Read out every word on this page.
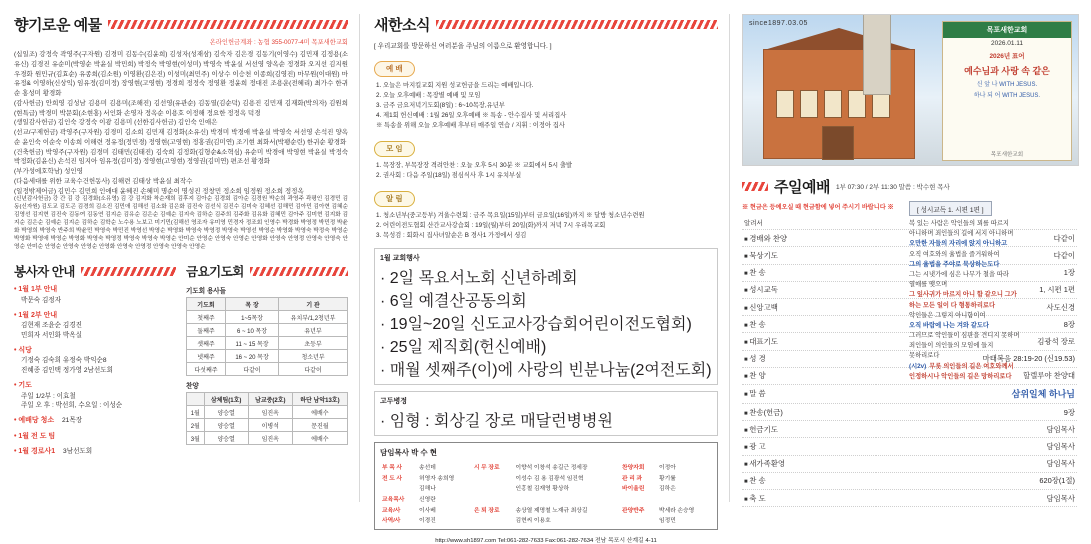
향기로운 예물
온라인헌금계좌 : 농협 355-0077-4미 목포새한교회
(십일조) 강정숙 곽영주(구자원) 김경미 김동수(김윤희) 김성자(성재삼) 김숙자 김은경 김동기(이영수) 김민재 김정용(소유신) 김경진 유순미(박영순 박윤실 박민희) 박정숙 박영현(이성미) 박영숙 박윤실 서선영 양옥순 정경화 오지선 김지원 우경화 원민규(김효순) 유종희(김소원) 이영환(김은진) 이성미(최민주) 이상수 이승천 이종희(김영진) 마무원(이대원) 마유정& 이영하(신상익) 임유정(김미정) 장영현(고영현) 정경희 정정숙 정영환 정윤희 정대진 조용운(전혜리) 최가수 한귀순 홍성미 황경화
(감사헌금) 안희영 김성남 김용미 김용미(조해진) 김선영(유관순) 김동열(김순덕) 김용진 김민재 김재화(박의자) 김원희 (현특급) 박경미 박문회(소현홍) 서인화 손영자 정옥순 이용호 이정해 정요한 정정옥 덕경
(생일감사헌금) 김인숙 강정숙 이광 김용미 (선한김사헌금) 김인숙 인애은
(선교/구제헌금) 곽영주(구자원) 김경미 김소희 김민재 김정화(소유신) 박경미 박경애 박윤실 박영숙 서선영 손석진 양옥순 윤인숙 이순숙 이송희 이해련 정유정(정민경) 정영현(고영현) 정홍권(김미연) 조기현 최화서(박팽순린) 한귀순 황경화
(건축헌금) 박영주(구자원) 김경미 김태민(김태진) 김숙희 김정화(김형순&소혁심) 유순미 박경애 박영현 박윤실 박정숙 박정화(김윤신) 손석진 임지아 임유정(김미정) 정영현(고영현) 정영권(김미연) 편조선 황경화
(부가성에호학남) 성인영
(다음세대를 위한 교육수건헌동사) 김해련 김태상 박윤실 최작수
(일정밖제어금) 김민수 김민희 인애대 윤혜진 손혜미 명순이 명성진 정창민 정소희 임정원 정소희 정정옥
(신년감사헌금) 강 간 김 강 김경화(소유영) 김 강 김지화 착순재희 김후지 김아순 김경회 김아순 김경원 박순희 곽영주 곽평인 김경민 김동(신자원) 김도교 김도곤 김경희 김소진 김민애 김해선 김소화 김은화 김진숙 김선식 김진수 김미숙 김혜선 김해민 김아민 김아현 김혜순 김영선 김지현 김진숙 김동여 김동연 김지순 김유순 김은순 김예순 김지숙 김하순 김주희 김주화 김유화 김혜민 김아주 김미현 김지화 김지순 김은순 김예순 김지순 김하순 김학순 노수용 노보고 미기민(김해선 영조자 유미영 민경자 정조회 인영수 박경화 박영정 박민정 박윤화 박영희 박영숙 반주희 박윤민 박영숙 박민진 박영선 박영순 박영화 박영숙 박영정 박영숙 박영선 박영순 박영화 박영숙 박정숙 박영순 박영화 박영애 박영순 박영화 박영숙 박영정 박영숙 박영숙 박영순 안미순 안영순 안영숙 안영순 안영화 안영숙 안영정 안영숙 안영숙 안영순 안미순 안영순 안영숙 안영순 안영화 안영숙 안영정 안영숙 안영숙 안영순
봉사자 안내
• 1월 1부 안내
박문숙 김정자
• 1월 2부 안내
김현재 조윤순 김경진
민희자 서인화 박옥실
• 식당
기정숙 김숙희 유정숙 박익순8
진혜종 김인택 정가영 2남선도회
• 기도
주일 1/2부 : 이효철
주일 오 후 : 박선희, 수요일 : 이성순
• 예배당 청소 21목장
• 1월 전 도 팀
• 1월 경로사1 3남선도회
금요기도회
기도회 용사들
기도회	목 장	기 관
첫째주	1~5목장	유치부/1,2청년부
둘째주	6 ~ 10 목장	유년부
셋째주	11 ~ 15 목장	초등부
넷째주	16 ~ 20 목장	청소년부
다섯째주	다같이	다같이
찬양
	삼체팀(1호)	남교중(2호)	하단 남악13호)
1월	양승열	임진옥	에배수
2월	양승열	이병석	문진월
3월	양승열	임진옥	에배수
새한소식
[ 우리교회를 방문하신 여러분을 주님의 이름으로 환영합니다. ]
예 배
1. 오늘은 마지킬교회 지원 성교헌금을 드리는 예배입니다.
2. 오늘 오후예배 : 목장별 예배 및 모임
3. 금주 금요저녁기도회(8일) : 6~10목장,유년부
4. 제1회 헌신예배 : 1월 26일 오후예배 ※ 특송 - 안수집사 및 서리집사
※ 특송을 위해 오늘 오후예배 후부터 매주일 연습 / 지휘 : 이정아 집사
모 임
1. 목장장, 부목장장 격려안찬 : 오늘 오후 5시 30분 ※ 교회에서 5시 출발
2. 권사회 : 다음 주일(18일) 점심식사 후 1시 유치부실
알 림
1. 청소년부(중고등부) 겨울수련회 : 금주 목요일(15일)부터 금요일(16일)까지 ※ 달방 청소년수련원
2. 어린이전도협회 산간교사강습회 : 19일(월)부터 20일(화)까지 저녁 7시 우리목교회
3. 목성검 : 회화시 집사녀알순은 B 경사1 가정에서 셩김
1월 교회행사
· 2일 목요서노회 신년하례회
· 6일 예결산공동의회
· 19일~20일 신도교사강습회어린이전도협회)
· 25일 제직회(헌신예배)
· 매월 셋째주(이)에 사랑의 빈분나눔(2여전도회)
고두병정
· 임형 : 회상길 장로 매달런병병원
담임목사 박 수 현
부 목 사	송선데	시 무 장로	이향석 이창석 송길근 정세장	찬양자회	이정아
전 도 사	허영자 송희영		이성수 김 용 김광석 임진혁	관 리 과	황기률
	김해나		인홍철 김재영 황상하	바이올린	김하은
교육목사	신영란				
교육/사	이사베	은 퇴 장로	송상열 제명철 노재규 최상길	관양반주	박세라 손승영
사역/사	이경진		김현씨 이용호		임정민
http://www.sh1897.com Tel:061-282-7633 Fax:061-282-7634 전남 목포시 산계길 4-11
since1897.03.05
목포새한교회
2026.01.11
2026년 표어
예수님과 사랑 속 같은
신 앞 나 WITH JESUS.
하나 되 어 WITH JESUS.
목포새한교회
주일예배 1부 07:30 / 2부 11:30 말씀 : 박수현 목사
※ 현금은 등예오실 때 현금함에 넣어 주시기 바랍니다 ※
알려서	
■ 경배와 찬양	다같이
■ 묵상기도	다같이
■ 찬 송	1장
■ 성시교독	1, 시편 1편
■ 신앙고백	사도신경
■ 찬 송	8장
■ 대표기도	김광석 장로
■ 성 경	마태복음 28:19-20 (신19.53)
■ 찬 양	할렐루야 찬양대
■ 말 씀	삼위일체 하나님
■ 찬송(헌금)	9장
■ 헌금기도	담임목사
■ 광 고	담임목사
■ 새가족환영	담임목사
■ 찬 송	620장(1절)
■ 축 도	담임목사
[ 성시교독 1. 시편 1편 ]
복 있는 사람은 악인들의 꾀를 따르지
아니하며 죄인들의 길에 서지 아니하며
오만한 자들의 자리에 앉지 아니하고
오직 여호와의 율법을 즐거워하여
그의 율법을 주야로 묵상하는도다
그는 시냇가에 심은 나무가 철을 따라
열매를 맺으며
그 잎사귀가 마르지 아니 함 같으니 그가
하는 모든 일이 다 형통하리로다
악인들은 그렇지 아니함이여
오직 바람에 나는 겨와 같도다
그러므로 악인들이 심판을 견디지 못하며
죄인들이 의인들의 모임에 들지
못하리로다
(시2v) 무릇 의인들의 길은 여호와께서
인정하시나 악인들의 길은 망하리로다
